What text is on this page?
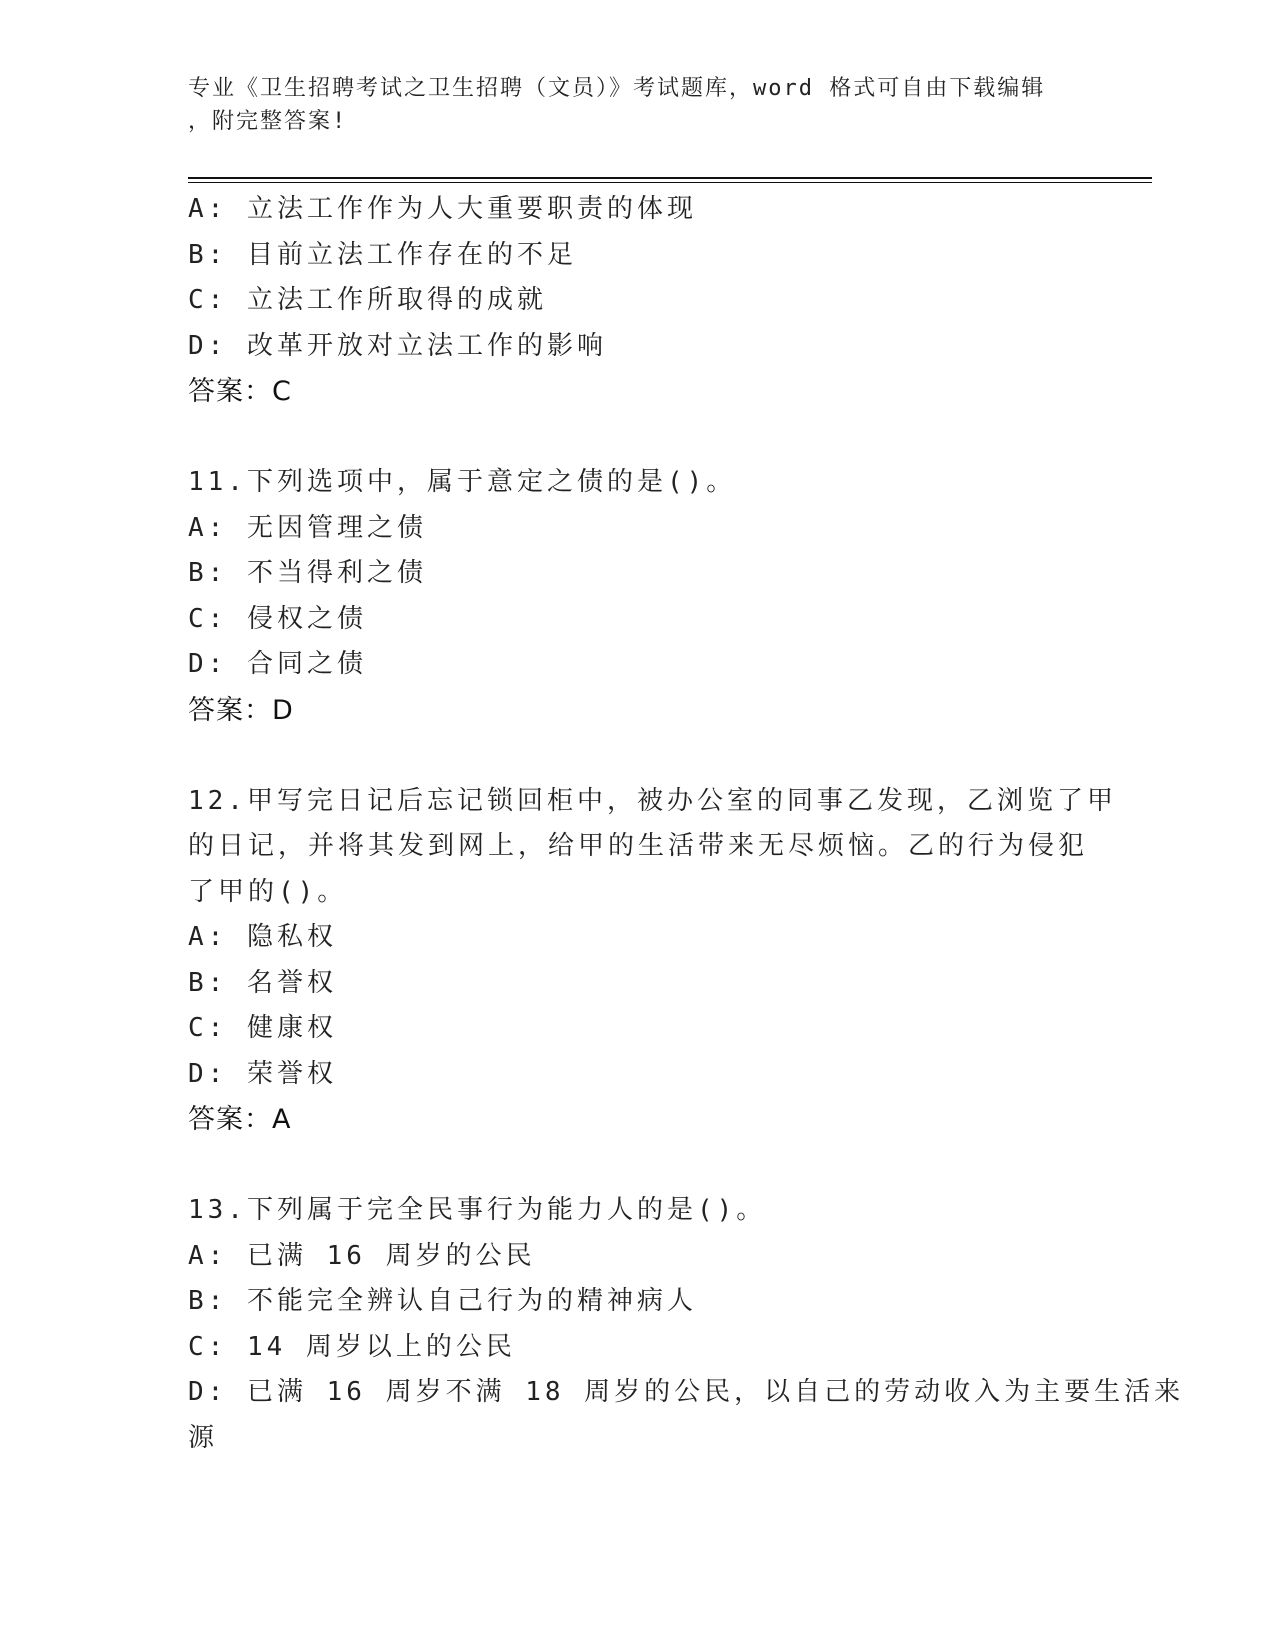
专业《卫生招聘考试之卫生招聘（文员）》考试题库，word 格式可自由下载编辑
，附完整答案!
A: 立法工作作为人大重要职责的体现
B: 目前立法工作存在的不足
C: 立法工作所取得的成就
D: 改革开放对立法工作的影响
答案：C
11.下列选项中，属于意定之债的是()。
A: 无因管理之债
B: 不当得利之债
C: 侵权之债
D: 合同之债
答案：D
12.甲写完日记后忘记锁回柜中，被办公室的同事乙发现，乙浏览了甲
的日记，并将其发到网上，给甲的生活带来无尽烦恼。乙的行为侵犯
了甲的()。
A: 隐私权
B: 名誉权
C: 健康权
D: 荣誉权
答案：A
13.下列属于完全民事行为能力人的是()。
A: 已满 16 周岁的公民
B: 不能完全辨认自己行为的精神病人
C: 14 周岁以上的公民
D: 已满 16 周岁不满 18 周岁的公民，以自己的劳动收入为主要生活来
源
